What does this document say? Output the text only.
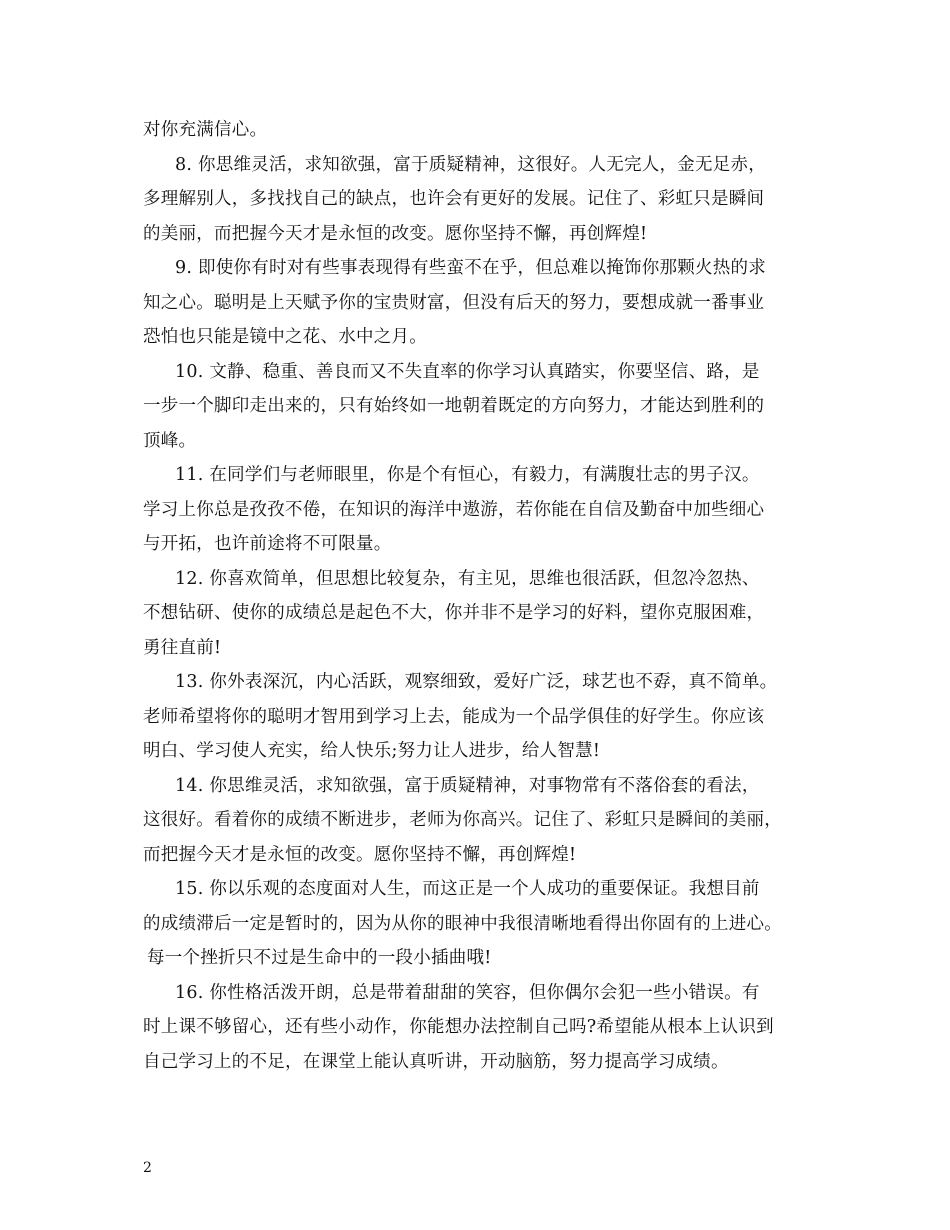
对你充满信心。
8. 你思维灵活，求知欲强，富于质疑精神，这很好。人无完人，金无足赤，
多理解别人，多找找自己的缺点，也许会有更好的发展。记住了、彩虹只是瞬间
的美丽，而把握今天才是永恒的改变。愿你坚持不懈，再创辉煌!
9. 即使你有时对有些事表现得有些蛮不在乎，但总难以掩饰你那颗火热的求
知之心。聪明是上天赋予你的宝贵财富，但没有后天的努力，要想成就一番事业
恐怕也只能是镜中之花、水中之月。
10. 文静、稳重、善良而又不失直率的你学习认真踏实，你要坚信、路，是
一步一个脚印走出来的，只有始终如一地朝着既定的方向努力，才能达到胜利的
顶峰。
11. 在同学们与老师眼里，你是个有恒心，有毅力，有满腹壮志的男子汉。
学习上你总是孜孜不倦，在知识的海洋中遨游，若你能在自信及勤奋中加些细心
与开拓，也许前途将不可限量。
12. 你喜欢简单，但思想比较复杂，有主见，思维也很活跃，但忽冷忽热、
不想钻研、使你的成绩总是起色不大，你并非不是学习的好料，望你克服困难，
勇往直前!
13. 你外表深沉，内心活跃，观察细致，爱好广泛，球艺也不孬，真不简单。
老师希望将你的聪明才智用到学习上去，能成为一个品学俱佳的好学生。你应该
明白、学习使人充实，给人快乐;努力让人进步，给人智慧!
14. 你思维灵活，求知欲强，富于质疑精神，对事物常有不落俗套的看法，
这很好。看着你的成绩不断进步，老师为你高兴。记住了、彩虹只是瞬间的美丽，
而把握今天才是永恒的改变。愿你坚持不懈，再创辉煌!
15. 你以乐观的态度面对人生，而这正是一个人成功的重要保证。我想目前
的成绩滞后一定是暂时的，因为从你的眼神中我很清晰地看得出你固有的上进心。
每一个挫折只不过是生命中的一段小插曲哦!
16. 你性格活泼开朗，总是带着甜甜的笑容，但你偶尔会犯一些小错误。有
时上课不够留心，还有些小动作，你能想办法控制自己吗?希望能从根本上认识到
自己学习上的不足，在课堂上能认真听讲，开动脑筋，努力提高学习成绩。
2
